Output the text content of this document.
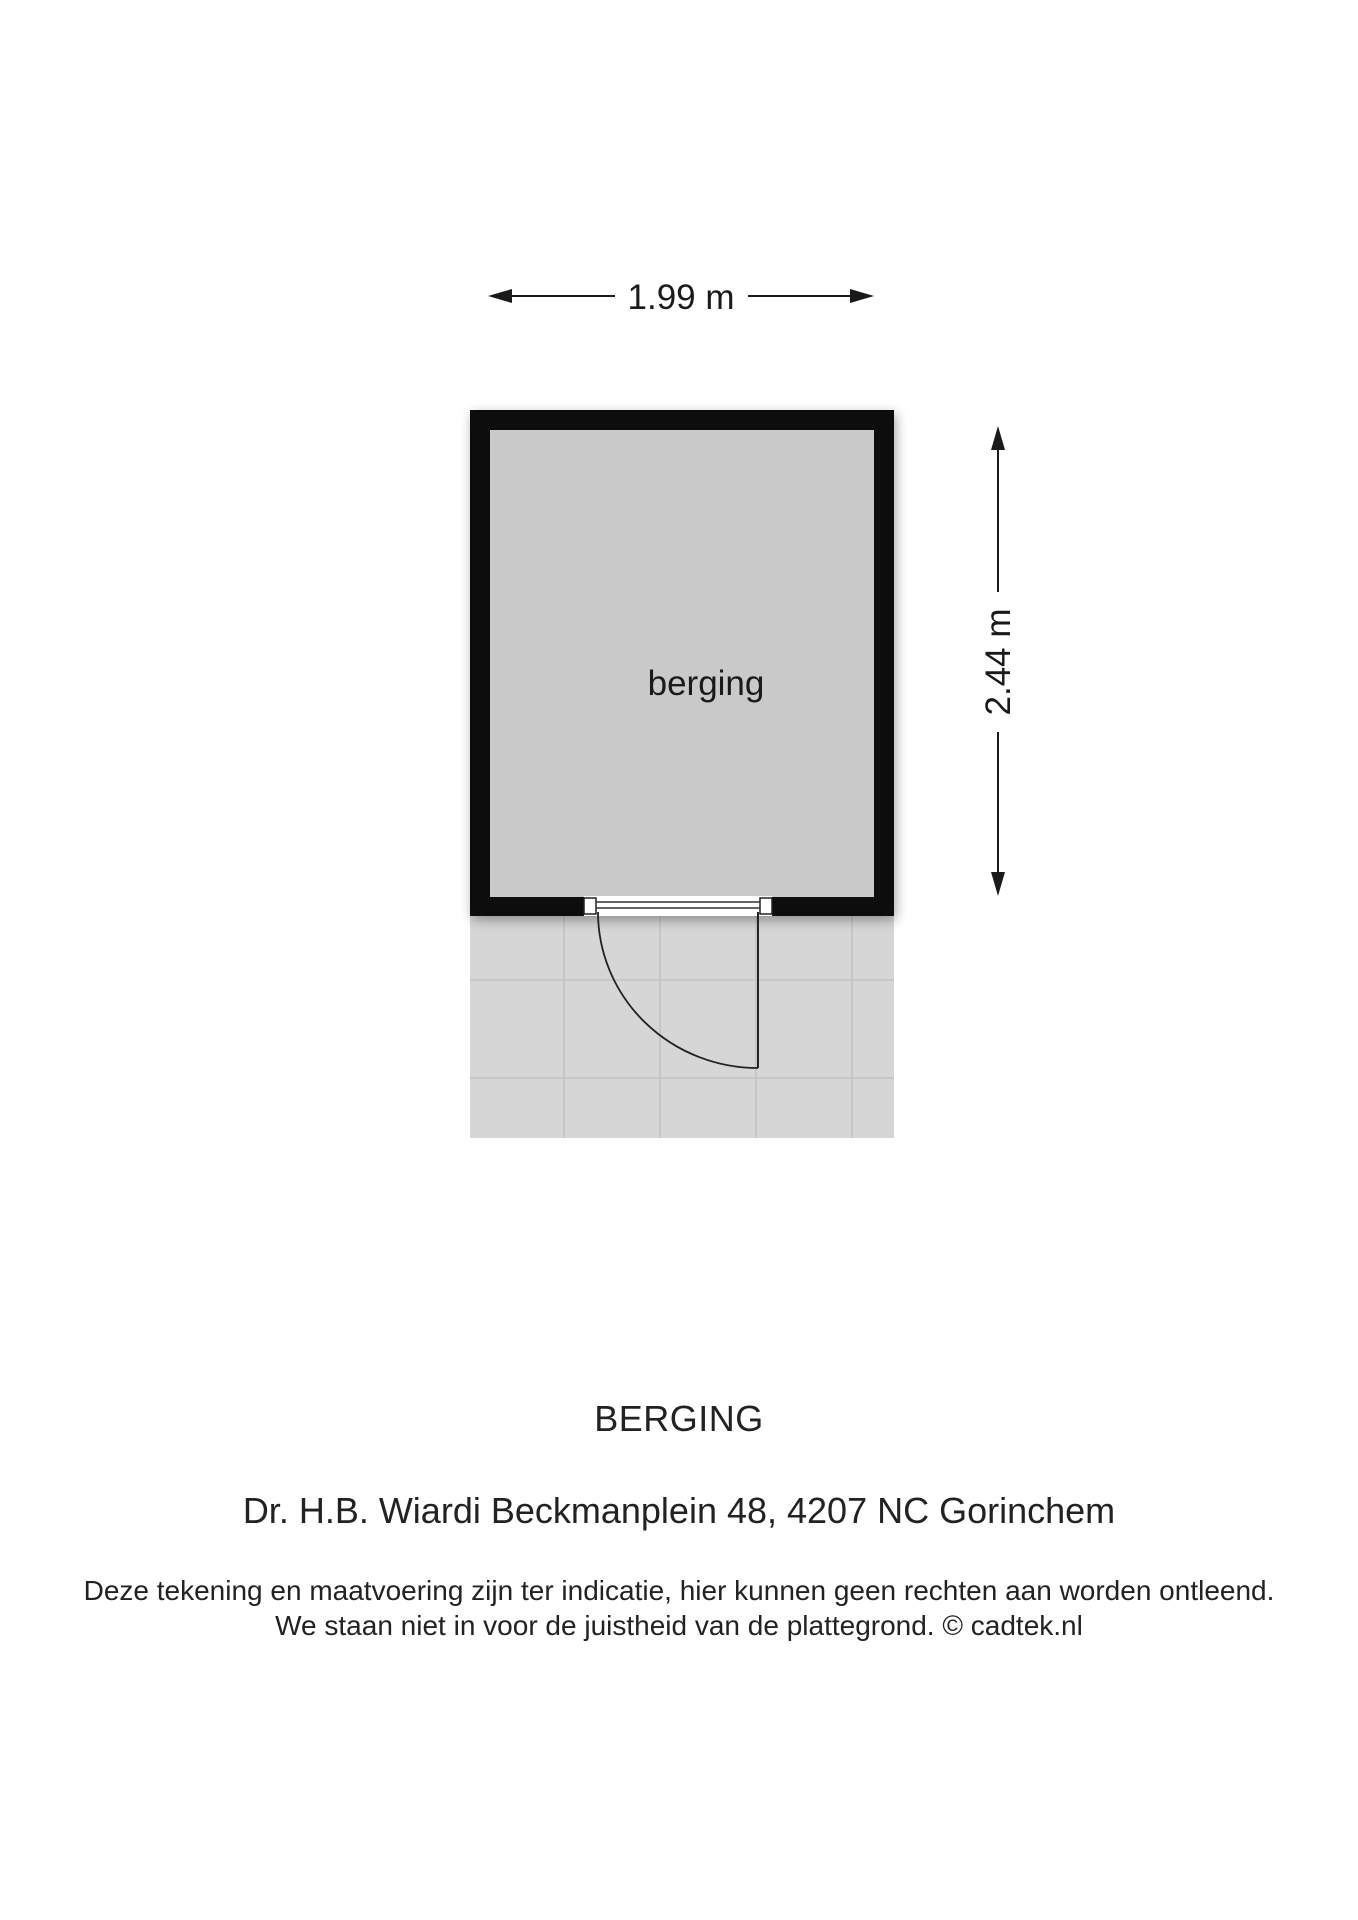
berging
1.99 m
2.44 m
BERGING
Dr. H.B. Wiardi Beckmanplein 48, 4207 NC Gorinchem
Deze tekening en maatvoering zijn ter indicatie, hier kunnen geen rechten aan worden ontleend.
We staan niet in voor de juistheid van de plattegrond. © cadtek.nl
